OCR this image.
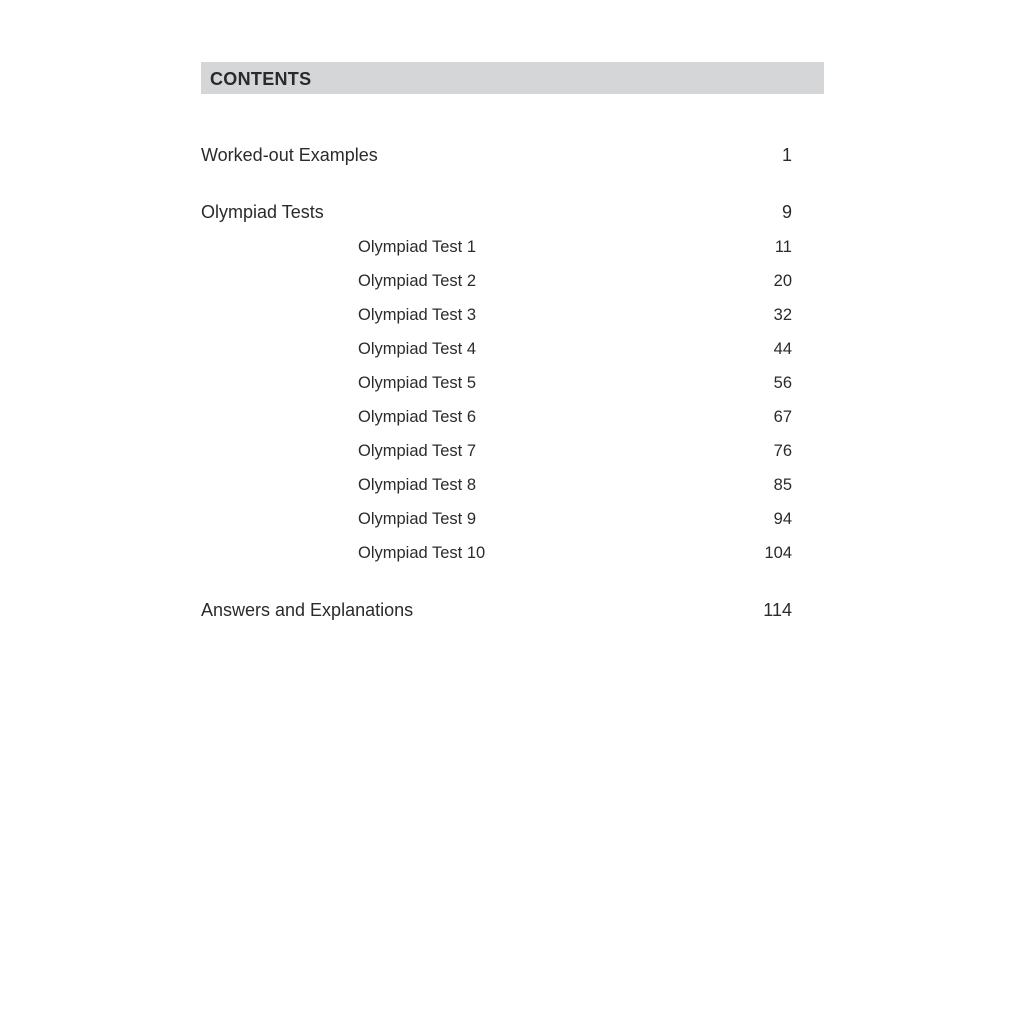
CONTENTS
Worked-out Examples	1
Olympiad Tests	9
Olympiad Test 1	11
Olympiad Test 2	20
Olympiad Test 3	32
Olympiad Test 4	44
Olympiad Test 5	56
Olympiad Test 6	67
Olympiad Test 7	76
Olympiad Test 8	85
Olympiad Test 9	94
Olympiad Test 10	104
Answers and Explanations	114
